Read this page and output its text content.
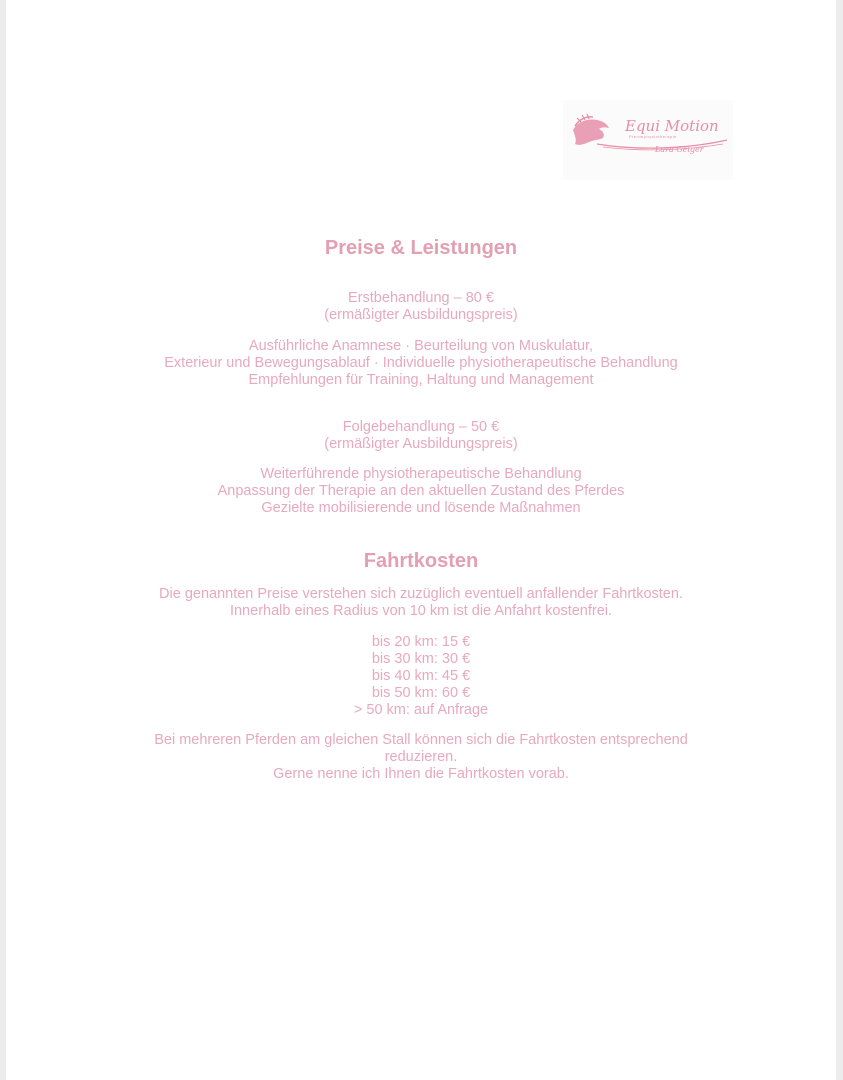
Equi Motion
Pferdephysiotherapie
Lara Geiger
Preise & Leistungen
Erstbehandlung – 80 €
(ermäßigter Ausbildungspreis)
Ausführliche Anamnese · Beurteilung von Muskulatur,
Exterieur und Bewegungsablauf · Individuelle physiotherapeutische Behandlung
Empfehlungen für Training, Haltung und Management
Folgebehandlung – 50 €
(ermäßigter Ausbildungspreis)
Weiterführende physiotherapeutische Behandlung
Anpassung der Therapie an den aktuellen Zustand des Pferdes
Gezielte mobilisierende und lösende Maßnahmen
Fahrtkosten
Die genannten Preise verstehen sich zuzüglich eventuell anfallender Fahrtkosten.
Innerhalb eines Radius von 10 km ist die Anfahrt kostenfrei.
bis 20 km: 15 €
bis 30 km: 30 €
bis 40 km: 45 €
bis 50 km: 60 €
> 50 km: auf Anfrage
Bei mehreren Pferden am gleichen Stall können sich die Fahrtkosten entsprechend
reduzieren.
Gerne nenne ich Ihnen die Fahrtkosten vorab.
